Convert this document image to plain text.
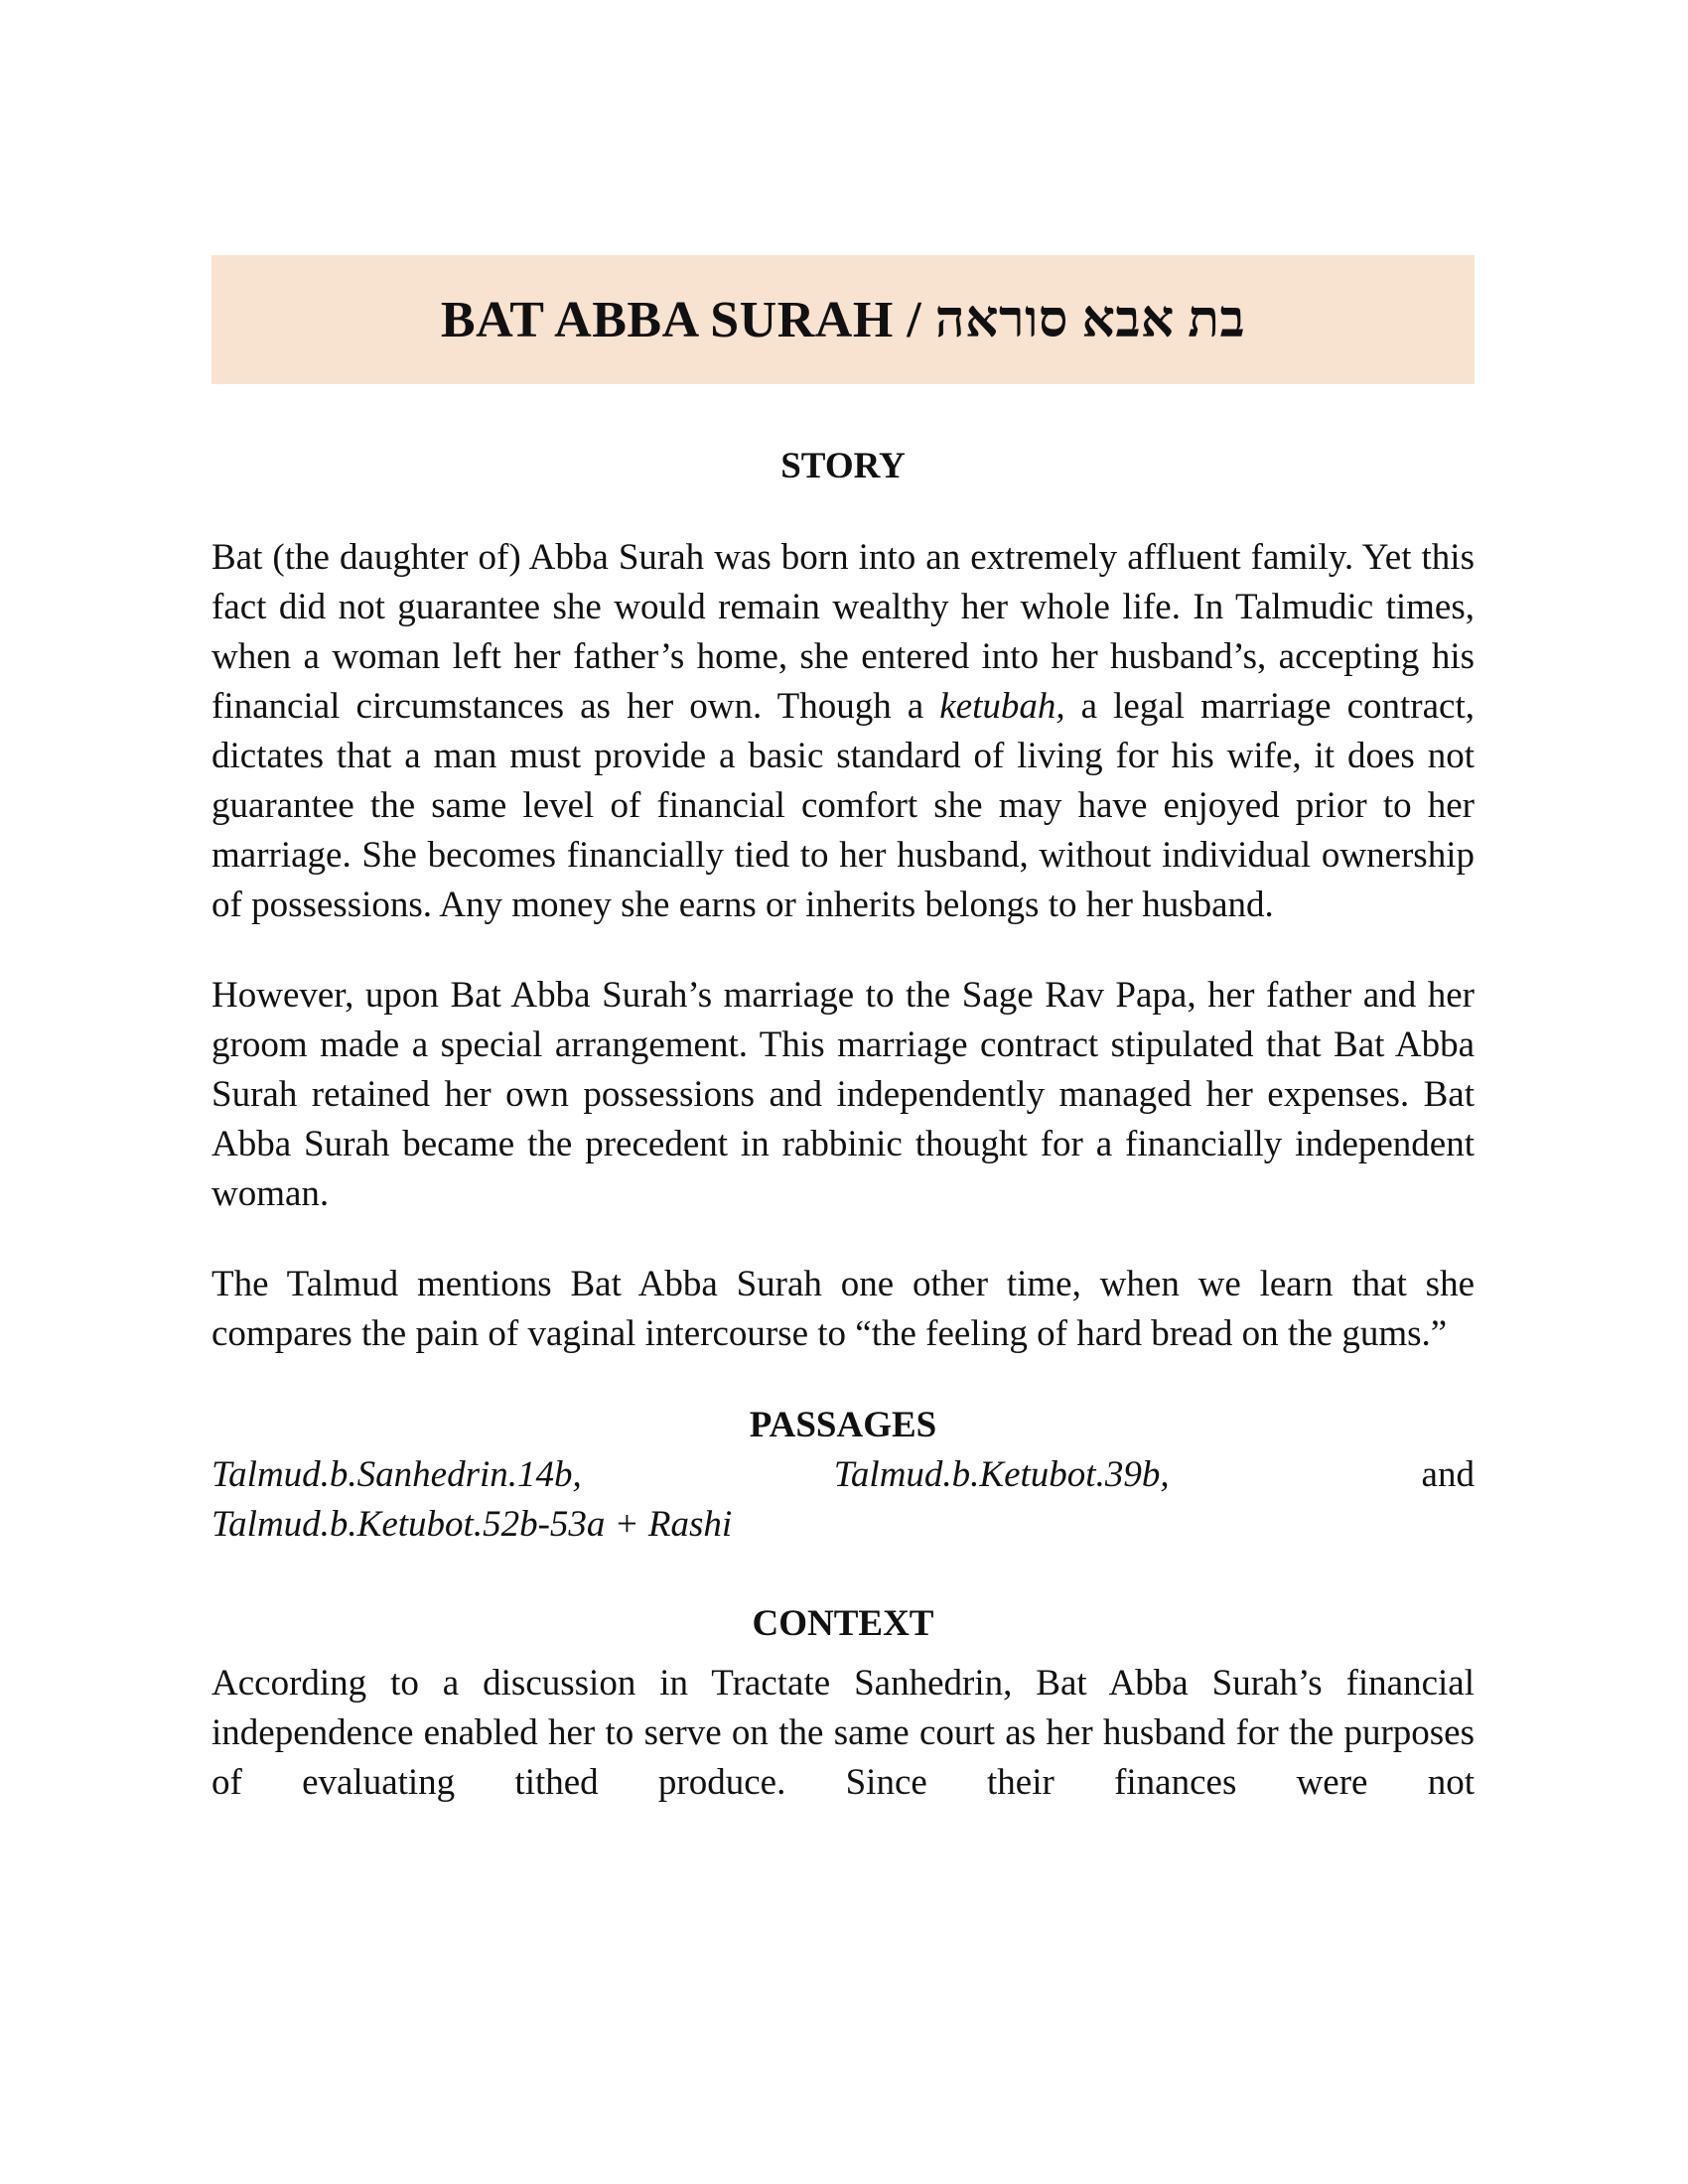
BAT ABBA SURAH /
בת אבא סוראה
STORY

Bat (the daughter of) Abba Surah was born into an extremely affluent family. Yet this fact did not guarantee she would remain wealthy her whole life. In Talmudic times, when a woman left her father’s home, she entered into her husband’s, accepting his financial circumstances as her own. Though a ketubah, a legal marriage contract, dictates that a man must provide a basic standard of living for his wife, it does not guarantee the same level of financial comfort she may have enjoyed prior to her marriage. She becomes financially tied to her husband, without individual ownership of possessions. Any money she earns or inherits belongs to her husband.

However, upon Bat Abba Surah’s marriage to the Sage Rav Papa, her father and her groom made a special arrangement. This marriage contract stipulated that Bat Abba Surah retained her own possessions and independently managed her expenses. Bat Abba Surah became the precedent in rabbinic thought for a financially independent woman.

The Talmud mentions Bat Abba Surah one other time, when we learn that she compares the pain of vaginal intercourse to “the feeling of hard bread on the gums.”

PASSAGES
Talmud.b.Sanhedrin.14b,	Talmud.b.Ketubot.39b,	and
Talmud.b.Ketubot.52b-53a + Rashi
CONTEXT

According to a discussion in Tractate Sanhedrin, Bat Abba Surah’s financial independence enabled her to serve on the same court as her husband for the purposes of evaluating tithed produce. Since their finances were not
